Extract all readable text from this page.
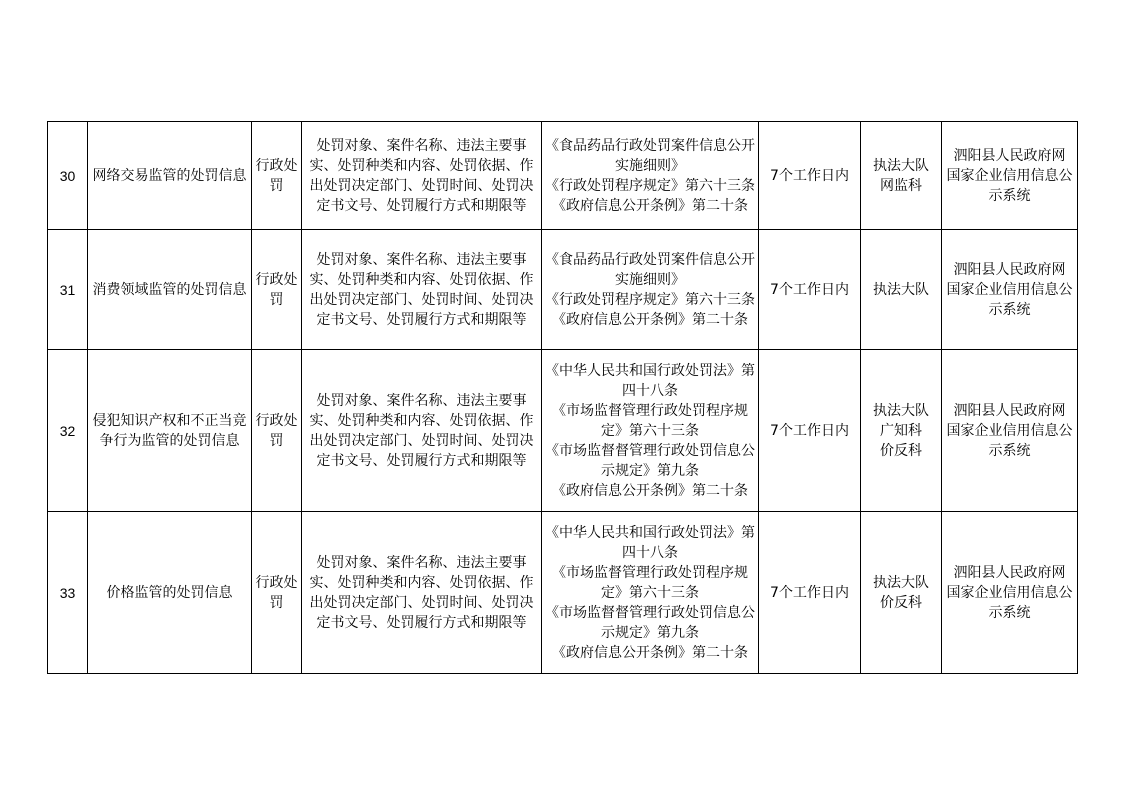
30	网络交易监管的处罚信息	行政处罚	处罚对象、案件名称、违法主要事实、处罚种类和内容、处罚依据、作出处罚决定部门、处罚时间、处罚决定书文号、处罚履行方式和期限等	《食品药品行政处罚案件信息公开实施细则》
《行政处罚程序规定》第六十三条
《政府信息公开条例》第二十条	7个工作日内	执法大队
网监科	泗阳县人民政府网
国家企业信用信息公示系统

31	消费领域监管的处罚信息	行政处罚	处罚对象、案件名称、违法主要事实、处罚种类和内容、处罚依据、作出处罚决定部门、处罚时间、处罚决定书文号、处罚履行方式和期限等	《食品药品行政处罚案件信息公开实施细则》
《行政处罚程序规定》第六十三条
《政府信息公开条例》第二十条	7个工作日内	执法大队	泗阳县人民政府网
国家企业信用信息公示系统

32	侵犯知识产权和不正当竞争行为监管的处罚信息	行政处罚	处罚对象、案件名称、违法主要事实、处罚种类和内容、处罚依据、作出处罚决定部门、处罚时间、处罚决定书文号、处罚履行方式和期限等	《中华人民共和国行政处罚法》第四十八条
《市场监督管理行政处罚程序规定》第六十三条
《市场监督督管理行政处罚信息公示规定》第九条
《政府信息公开条例》第二十条	7个工作日内	执法大队
广知科
价反科	泗阳县人民政府网
国家企业信用信息公示系统

33	价格监管的处罚信息	行政处罚	处罚对象、案件名称、违法主要事实、处罚种类和内容、处罚依据、作出处罚决定部门、处罚时间、处罚决定书文号、处罚履行方式和期限等	《中华人民共和国行政处罚法》第四十八条
《市场监督管理行政处罚程序规定》第六十三条
《市场监督督管理行政处罚信息公示规定》第九条
《政府信息公开条例》第二十条	7个工作日内	执法大队
价反科	泗阳县人民政府网
国家企业信用信息公示系统
